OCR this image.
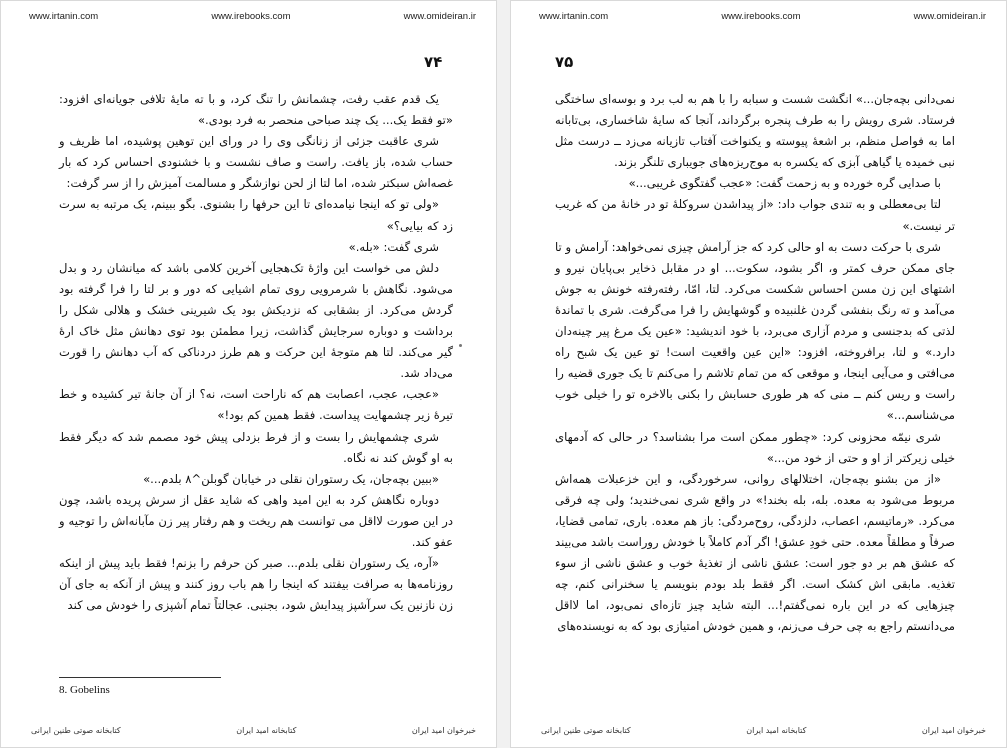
www.irtanin.com	www.irebooks.com	www.omideiran.ir
۷۴

یک قدم عقب رفت، چشمانش را تنگ کرد، و با ته مایهٔ تلافی جویانه‌ای افزود: «تو فقط یک... یک چند صباحی منحصر به فرد بودی.»

شری عاقبت جزئی از زنانگی وی را در ورای این توهین پوشیده، اما ظریف و حساب شده، باز یافت. راست و صاف نشست و با خشنودی احساس کرد که بار غصه‌اش سبکتر شده، اما لتا از لحن نوازشگر و مسالمت آمیزش را از سر گرفت:

«ولی تو که اینجا نیامده‌ای تا این حرفها را بشنوی. بگو ببینم، یک مرتبه به سرت زد که بیایی؟»

شری گفت: «بله.»

دلش می خواست این واژهٔ تک‌هجایی آخرین کلامی باشد که میانشان رد و بدل می‌شود. نگاهش با شرمرویی روی تمام اشیایی که دور و بر لتا را فرا گرفته بود گردش می‌کرد. از بشقابی که نزدیکش بود یک شیرینی خشک و هلالی شکل را برداشت و دوباره سرجایش گذاشت، زیرا مطمئن بود توی دهانش مثل خاک ارهٔ گیر می‌کند. لتا هم متوجهٔ این حرکت و هم طرز دردناکی که آب دهانش را قورت می‌داد شد.

«عجب، عجب، اعصابت هم که ناراحت است، نه؟ از آن جانهٔ تیر کشیده و خط تیرهٔ زیر چشمهایت پیداست. فقط همین کم بود!»

شری چشمهایش را بست و از فرط بزدلی پیش خود مصمم شد که دیگر فقط به او گوش کند نه نگاه.

«ببین بچه‌جان، یک رستوران نقلی در خیابان گوبلن^۸ بلدم...»

دوباره نگاهش کرد به این امید واهی که شاید عقل از سرش پریده باشد، چون در این صورت لااقل می توانست هم ریخت و هم رفتار پیر زن مآبانه‌اش را توجیه و عفو کند.

«آره، یک رستوران نقلی بلدم... صبر کن حرفم را بزنم! فقط باید پیش از اینکه روزنامه‌ها به صرافت بیفتند که اینجا را هم باب روز کنند و پیش از آنکه به جای آن زن نازنین یک سرآشپز پیدایش شود، بجنبی. عجالتاً تمام آشپزی را خودش می کند

8. Gobelins
خبرخوان امید ایران
کتابخانه امید ایران
کتابخانه صوتی طنین ایرانی
www.irtanin.com	www.irebooks.com	www.omideiran.ir
۷۵

نمی‌دانی بچه‌جان...» انگشت شست و سبابه را با هم به لب برد و بوسه‌ای ساختگی فرستاد. شری رویش را به طرف پنجره برگرداند، آنجا که سایهٔ شاخساری، بی‌تابانه اما به فواصل منظم، بر اشعهٔ پیوسته و یکنواخت آفتاب تازیانه می‌زد ــ درست مثل نبی خمیده یا گیاهی آبزی که یکسره به موج‌ریزه‌های جویباری تلنگر بزند.

با صدایی گره خورده و به زحمت گفت: «عجب گفتگوی غریبی...»

لتا بی‌معطلی و به تندی جواب داد: «از پیداشدن سروکلهٔ تو در خانهٔ من که غریب تر نیست.»

شری با حرکت دست به او حالی کرد که جز آرامش چیزی نمی‌خواهد: آرامش و تا جای ممکن حرف کمتر و، اگر بشود، سکوت... او در مقابل ذخایر بی‌پایان نیرو و اشتهای این زن مسن احساس شکست می‌کرد. لتا، امّا، رفته‌رفته خونش به جوش می‌آمد و ته رنگ بنفشی گردن غلنبیده و گوشهایش را فرا می‌گرفت. شری با تماندهٔ لذتی که بدجنسی و مردم آزاری می‌برد، با خود اندیشید: «عین یک مرغ پیر چینه‌دان دارد.» و لتا، برافروخته، افزود: «این عین واقعیت است! تو عین یک شبح راه می‌افتی و می‌آیی اینجا، و موقعی که من تمام تلاشم را می‌کنم تا یک جوری قضیه را راست و ریس کنم ــ منی که هر طوری حسابش را بکنی بالاخره تو را خیلی خوب می‌شناسم...»

شری نیمّه محزونی کرد: «چطور ممکن است مرا بشناسد؟ در حالی که آدمهای خیلی زیرکتر از او و حتی از خود من...»

«از من بشنو بچه‌جان، اختلالهای روانی، سرخوردگی، و این خزعبلات همه‌اش مربوط می‌شود به معده. بله، بله بخند!» در واقع شری نمی‌خندید؛ ولی چه فرقی می‌کرد. «رماتیسم، اعصاب، دلزدگی، روح‌مردگی: باز هم معده. باری، تمامی قضایا، صرفاً و مطلقاً معده. حتی خودِ عشق! اگر آدم کاملاً با خودش روراست باشد می‌بیند که عشق هم بر دو جور است: عشق ناشی از تغذیهٔ خوب و عشق ناشی از سوء تغذیه. مابقی اش کشک است. اگر فقط بلد بودم بنویسم یا سخنرانی کنم، چه چیزهایی که در این باره نمی‌گفتم!... البته شاید چیز تازه‌ای نمی‌بود، اما لااقل می‌دانستم راجع به چی حرف می‌زنم، و همین خودش امتیازی بود که به نویسنده‌های

خبرخوان امید ایران
کتابخانه امید ایران
کتابخانه صوتی طنین ایرانی
